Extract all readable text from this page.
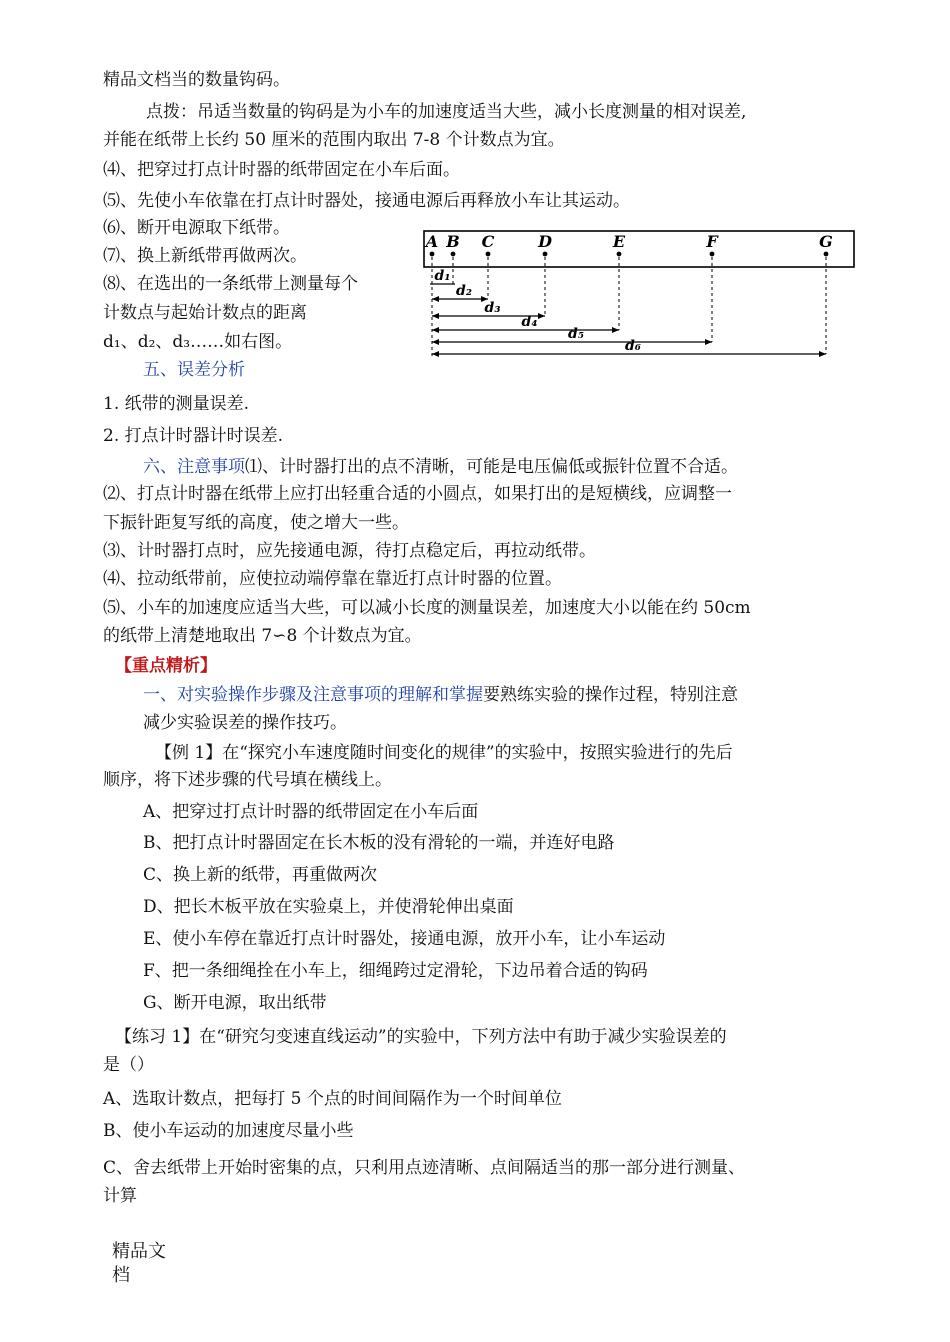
精品文档当的数量钩码。
点拨：吊适当数量的钩码是为小车的加速度适当大些，减小长度测量的相对误差,
并能在纸带上长约 50 厘米的范围内取出 7-8 个计数点为宜。
⑷、把穿过打点计时器的纸带固定在小车后面。
⑸、先使小车依靠在打点计时器处，接通电源后再释放小车让其运动。
⑹、断开电源取下纸带。
⑺、换上新纸带再做两次。
⑻、在选出的一条纸带上测量每个
计数点与起始计数点的距离
d₁、d₂、d₃……如右图。
A B C	D	E	F	G
d₁
d₂
d₃
d₄
d₅
d₆
五、误差分析
1. 纸带的测量误差.
2. 打点计时器计时误差.
六、注意事项⑴、计时器打出的点不清晰，可能是电压偏低或振针位置不合适。
⑵、打点计时器在纸带上应打出轻重合适的小圆点，如果打出的是短横线，应调整一
下振针距复写纸的高度，使之增大一些。
⑶、计时器打点时，应先接通电源，待打点稳定后，再拉动纸带。
⑷、拉动纸带前，应使拉动端停靠在靠近打点计时器的位置。
⑸、小车的加速度应适当大些，可以减小长度的测量误差，加速度大小以能在约 50cm
的纸带上清楚地取出 7∽8 个计数点为宜。
【重点精析】
一、对实验操作步骤及注意事项的理解和掌握要熟练实验的操作过程，特别注意
减少实验误差的操作技巧。
【例 1】在“探究小车速度随时间变化的规律”的实验中，按照实验进行的先后
顺序，将下述步骤的代号填在横线上。
A、把穿过打点计时器的纸带固定在小车后面
B、把打点计时器固定在长木板的没有滑轮的一端，并连好电路
C、换上新的纸带，再重做两次
D、把长木板平放在实验桌上，并使滑轮伸出桌面
E、使小车停在靠近打点计时器处，接通电源，放开小车，让小车运动
F、把一条细绳拴在小车上，细绳跨过定滑轮，下边吊着合适的钩码
G、断开电源，取出纸带
【练习 1】在“研究匀变速直线运动”的实验中，下列方法中有助于减少实验误差的
是（）
A、选取计数点，把每打 5 个点的时间间隔作为一个时间单位
B、使小车运动的加速度尽量小些
C、舍去纸带上开始时密集的点，只利用点迹清晰、点间隔适当的那一部分进行测量、
计算
精品文
档
